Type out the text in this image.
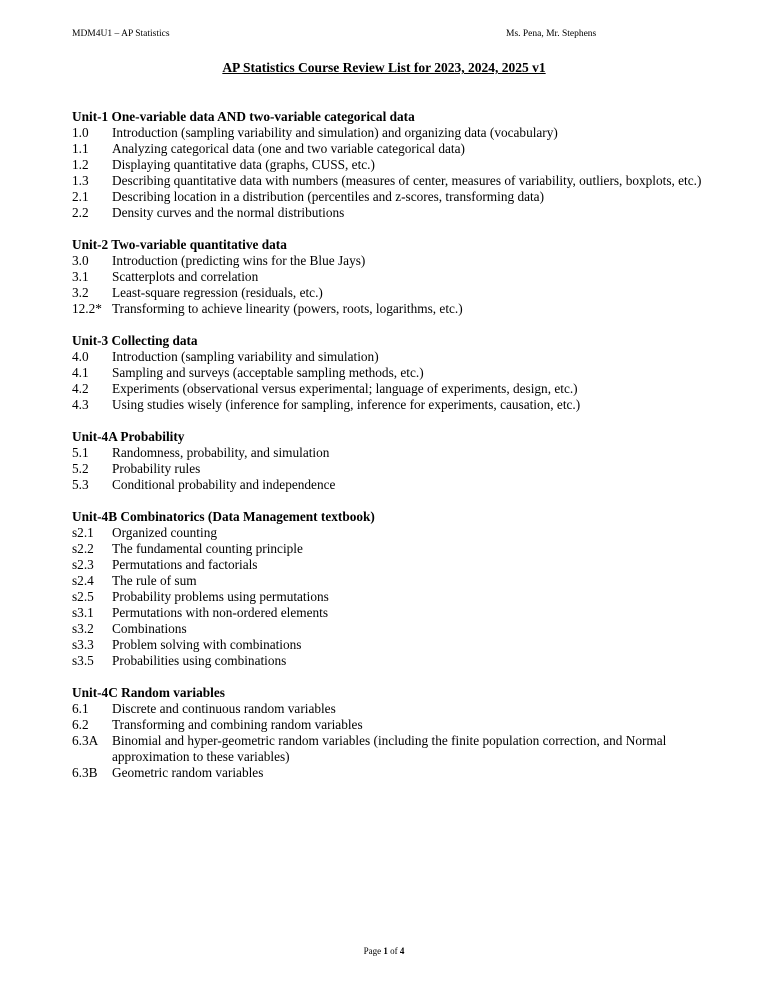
MDM4U1 – AP Statistics	Ms. Pena, Mr. Stephens
AP Statistics Course Review List for 2023, 2024, 2025 v1
Unit-1 One-variable data AND two-variable categorical data
1.0	Introduction (sampling variability and simulation) and organizing data (vocabulary)
1.1	Analyzing categorical data (one and two variable categorical data)
1.2	Displaying quantitative data (graphs, CUSS, etc.)
1.3	Describing quantitative data with numbers (measures of center, measures of variability, outliers, boxplots, etc.)
2.1	Describing location in a distribution (percentiles and z-scores, transforming data)
2.2	Density curves and the normal distributions
Unit-2 Two-variable quantitative data
3.0	Introduction (predicting wins for the Blue Jays)
3.1	Scatterplots and correlation
3.2	Least-square regression (residuals, etc.)
12.2* Transforming to achieve linearity (powers, roots, logarithms, etc.)
Unit-3 Collecting data
4.0	Introduction (sampling variability and simulation)
4.1	Sampling and surveys (acceptable sampling methods, etc.)
4.2	Experiments (observational versus experimental; language of experiments, design, etc.)
4.3	Using studies wisely (inference for sampling, inference for experiments, causation, etc.)
Unit-4A Probability
5.1	Randomness, probability, and simulation
5.2	Probability rules
5.3	Conditional probability and independence
Unit-4B Combinatorics (Data Management textbook)
s2.1	Organized counting
s2.2	The fundamental counting principle
s2.3	Permutations and factorials
s2.4	The rule of sum
s2.5	Probability problems using permutations
s3.1	Permutations with non-ordered elements
s3.2	Combinations
s3.3	Problem solving with combinations
s3.5	Probabilities using combinations
Unit-4C Random variables
6.1	Discrete and continuous random variables
6.2	Transforming and combining random variables
6.3A	Binomial and hyper-geometric random variables (including the finite population correction, and Normal approximation to these variables)
6.3B	Geometric random variables
Page 1 of 4
